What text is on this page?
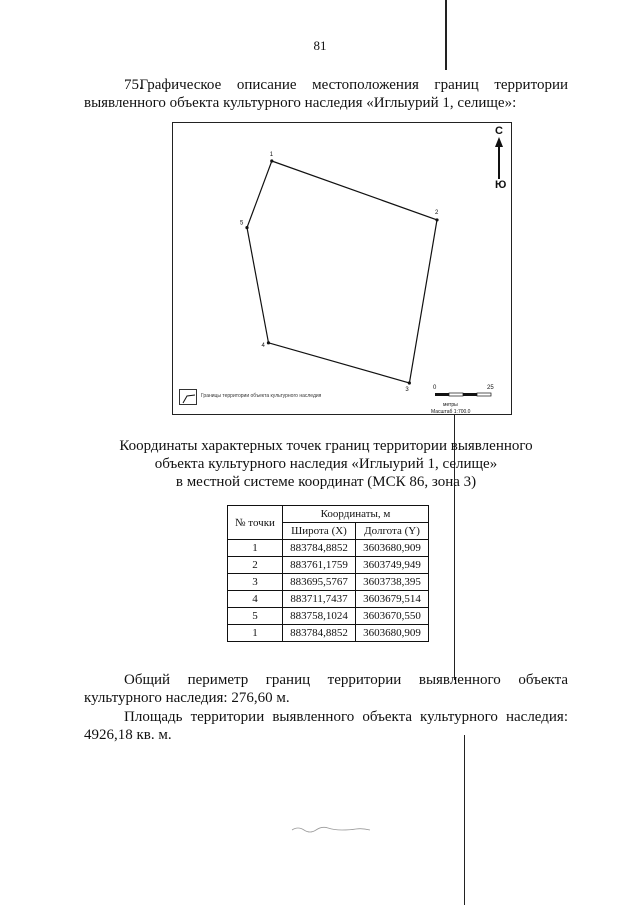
81
75. Графическое описание местоположения границ территории выявленного объекта культурного наследия «Иглыурий 1, селище»:
1
2
3
4
5
С
Ю
Границы территории объекта культурного наследия
0	25
метры
Масштаб 1:700.0
Координаты характерных точек границ территории выявленного
объекта культурного наследия «Иглыурий 1, селище»
в местной системе координат (МСК 86, зона 3)
№ точки	Координаты, м	
	Широта (X)	Долгота (Y)
1	883784,8852	3603680,909
2	883761,1759	3603749,949
3	883695,5767	3603738,395
4	883711,7437	3603679,514
5	883758,1024	3603670,550
1	883784,8852	3603680,909
Общий периметр границ территории выявленного объекта культурного наследия: 276,60 м.
Площадь территории выявленного объекта культурного наследия: 4926,18 кв. м.
